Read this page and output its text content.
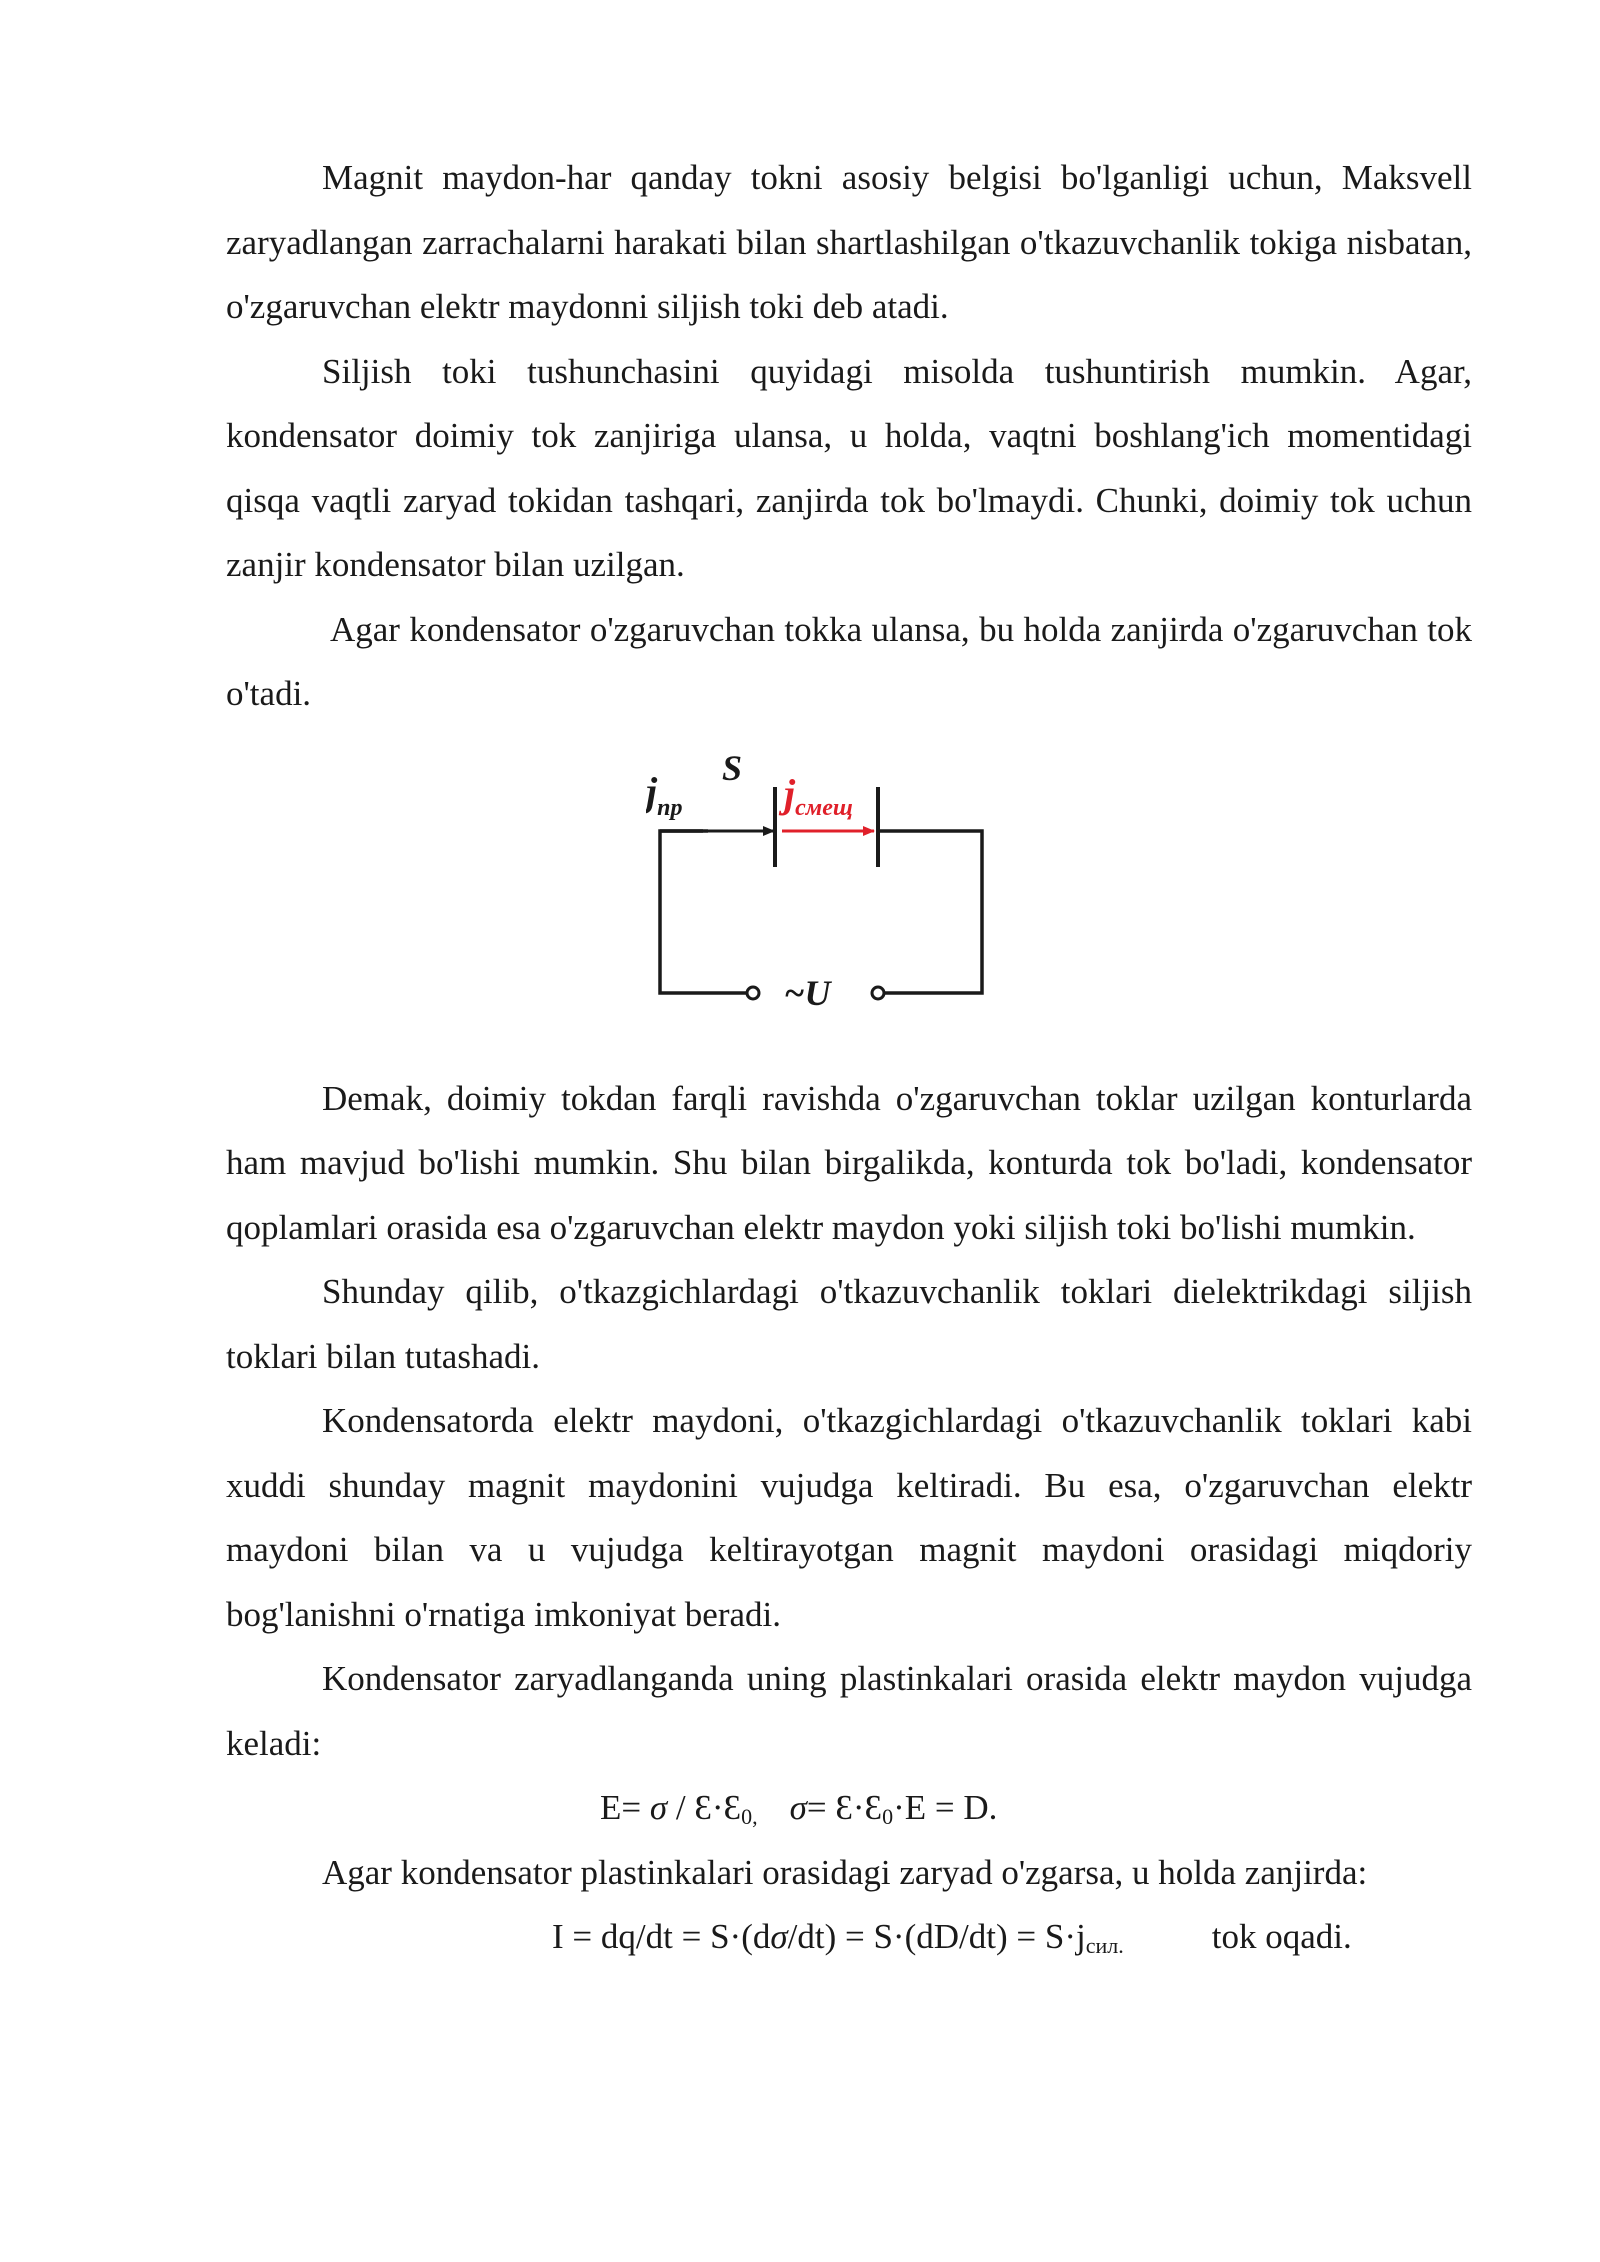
Magnit maydon-har qanday tokni asosiy belgisi bo'lganligi uchun, Maksvell zaryadlangan zarrachalarni harakati bilan shartlashilgan o'tkazuvchanlik tokiga nisbatan, o'zgaruvchan elektr maydonni siljish toki deb atadi.

Siljish toki tushunchasini quyidagi misolda tushuntirish mumkin. Agar, kondensator doimiy tok zanjiriga ulansa, u holda, vaqtni boshlang'ich momentidagi qisqa vaqtli zaryad tokidan tashqari, zanjirda tok bo'lmaydi. Chunki, doimiy tok uchun zanjir kondensator bilan uzilgan.

Agar kondensator o'zgaruvchan tokka ulansa, bu holda zanjirda o'zgaruvchan tok o'tadi.

$j_{пр}$
S
$j_{смещ}$
~U

Demak, doimiy tokdan farqli ravishda o'zgaruvchan toklar uzilgan konturlarda ham mavjud bo'lishi mumkin. Shu bilan birgalikda, konturda tok bo'ladi, kondensator qoplamlari orasida esa o'zgaruvchan elektr maydon yoki siljish toki bo'lishi mumkin.

Shunday qilib, o'tkazgichlardagi o'tkazuvchanlik toklari dielektrikdagi siljish toklari bilan tutashadi.

Kondensatorda elektr maydoni, o'tkazgichlardagi o'tkazuvchanlik toklari kabi xuddi shunday magnit maydonini vujudga keltiradi. Bu esa, o'zgaruvchan elektr maydoni bilan va u vujudga keltirayotgan magnit maydoni orasidagi miqdoriy bog'lanishni o'rnatiga imkoniyat beradi.

Kondensator zaryadlanganda uning plastinkalari orasida elektr maydon vujudga keladi:

$E= \sigma / Ɛ\cdot Ɛ_{0,}$ $\sigma= Ɛ\cdot Ɛ_0\cdot E = D$.

Agar kondensator plastinkalari orasidagi zaryad o'zgarsa, u holda zanjirda:

$I = dq/dt = S\cdot(d\sigma/dt) = S\cdot(dD/dt) = S\cdot j_{сил.}$	tok oqadi.
